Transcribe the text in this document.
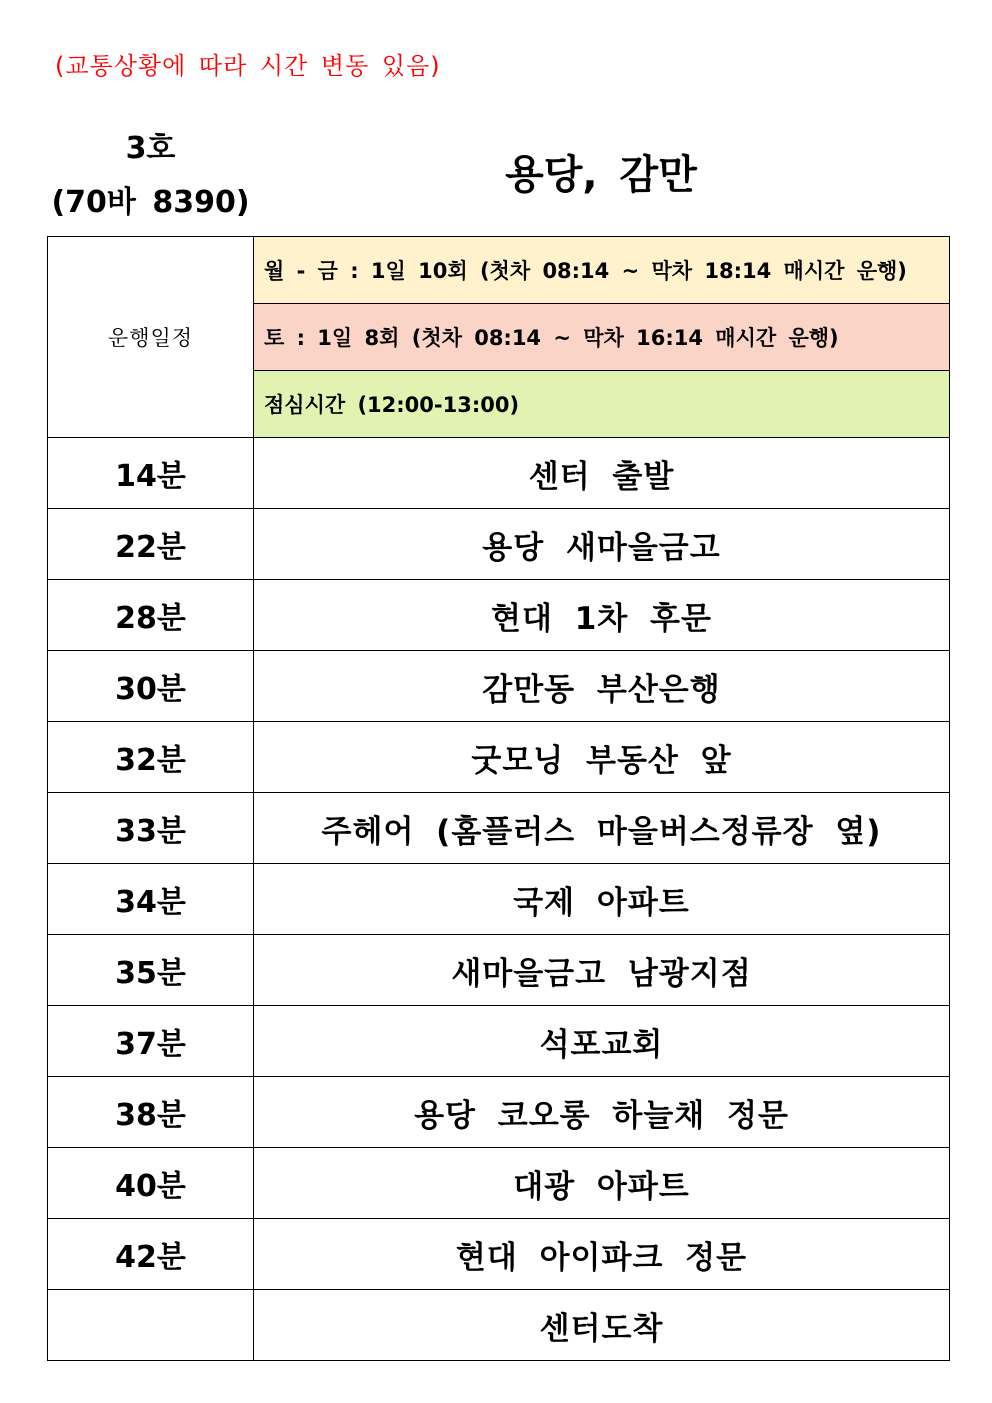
(교통상황에 따라 시간 변동 있음)
3호
(70바 8390)
용당, 감만
운행일정	월 - 금 : 1일 10회 (첫차 08:14 ~ 막차 18:14 매시간 운행)
	토 : 1일 8회 (첫차 08:14 ~ 막차 16:14 매시간 운행)
	점심시간 (12:00-13:00)
14분	센터 출발
22분	용당 새마을금고
28분	현대 1차 후문
30분	감만동 부산은행
32분	굿모닝 부동산 앞
33분	주헤어 (홈플러스 마을버스정류장 옆)
34분	국제 아파트
35분	새마을금고 남광지점
37분	석포교회
38분	용당 코오롱 하늘채 정문
40분	대광 아파트
42분	현대 아이파크 정문
	센터도착
